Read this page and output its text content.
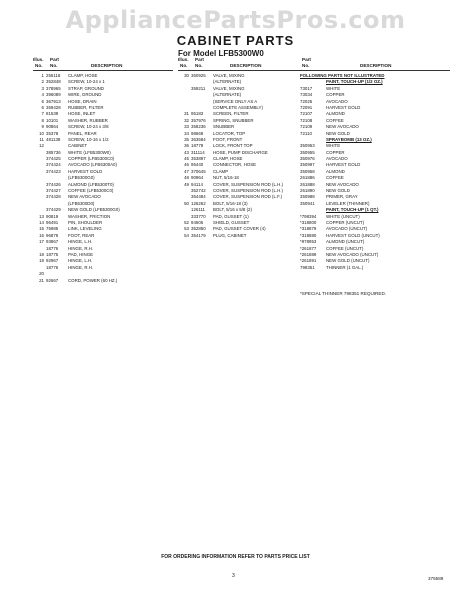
AppliancePartsPros.com
CABINET PARTS
For Model LFB5300W0
Illus. Part
No. No.	DESCRIPTION
1 256118	CLAMP, HOSE
2 352848	SCREW, 10-24 x 1
3 378965	STRAP, GROUND
4 396089	WIRE, GROUND
5 367913	HOSE, DRAIN
6 359428	RUBBER, FILTER
7 81539	HOSE, INLET
8 10101	WASHER, RUBBER
9 90864	SCREW, 10-24 x 3/8
10 35378	PANEL, REAR
11 481138	SCREW, 10-16 x 1/2
12	CABINET
385736	WHITE (LFB5300W0)
374425	COPPER (LFB5300C0)
374424	AVOCADO (LFB5300A0)
374423	HARVEST GOLD
(LFB5300G0)
374426	ALMOND (LFB5300T0)
374427	COFFEE (LFB5300C0)
374428	NEW AVOCADO
(LFB5300D0)
374429	NEW GOLD (LFB5300G0)
13 90819	WASHER, FRICTION
14 96491	PIN, SHOULDER
15 75985	LINK, LEVELING
16 96879	FOOT, REAR
17 93867	HINGE, L.H.
18776	HINGE, R.H.
18 18775	PAD, HINGE
19 92967	HINGE, L.H.
18776	HINGE, R.H.
20
21 92667	CORD, POWER (60 HZ.)
Illus. Part
No. No.	DESCRIPTION
30 360925	VALVE, MIXING
(ALTERNATE)
359211	VALVE, MIXING
(ALTERNATE)
(SERVICE ONLY AS A
COMPLETE ASSEMBLY)
31 95183	SCREEN, FILTER
32 357976	SPRING, SNUBBER
33 358236	SNUBBER
34 98669	LOCATOR, TOP
35 363584	FOOT, FRONT
36 18778	LOCK, FRONT TOP
43 311114	HOSE, PUMP DISCHARGE
45 353897	CLAMP, HOSE
46 95440	CONNECTOR, HOSE
47 370645	CLAMP
48 90964	NUT, 5/16-18
49 94114	COVER, SUSPENSION ROD (L.H.)
352742	COVER, SUSPENSION ROD (L.H.)
354484	COVER, SUSPENSION ROD (L.F.)
50 126262	BOLT, 5/16-18 (3)
126111	BOLT, 5/16 x 5/8 (2)
333770	PAD, GUSSET (1)
52 94606	SHIELD, GUSSET
53 352850	PAD, GUSSET COVER (4)
54 354179	PLUG, CABINET
Part
No.	DESCRIPTION
FOLLOWING PARTS NOT ILLUSTRATED
PAINT, TOUCH-UP (1/2 OZ.)
73017	WHITE
73034	COPPER
72025	AVOCADO
72091	HARVEST GOLD
72107	ALMOND
72108	COFFEE
72109	NEW AVOCADO
72110	NEW GOLD
SPRAYBOMB (13 OZ.)
350953	WHITE
350955	COPPER
350976	AVOCADO
350997	HARVEST GOLD
350958	ALMOND
261886	COFFEE
261888	NEW AVOCADO
261890	NEW GOLD
350988	PRIMER, GRAY
350941	LEVELER (THINNER)
PAINT, TOUCH-UP (1 QT.)
*798394	WHITE (UNCUT)
*318800	COPPER (UNCUT)
*318879	AVOCADO (UNCUT)
*318880	HARVEST GOLD (UNCUT)
*978953	ALMOND (UNCUT)
*261877	COFFEE (UNCUT)
*261889	NEW AVOCADO (UNCUT)
*261891	NEW GOLD (UNCUT)
798351	THINNER (1 GAL.)
*SPECIAL THINNER 798351 REQUIRED.
FOR ORDERING INFORMATION REFER TO PARTS PRICE LIST
3	375589
